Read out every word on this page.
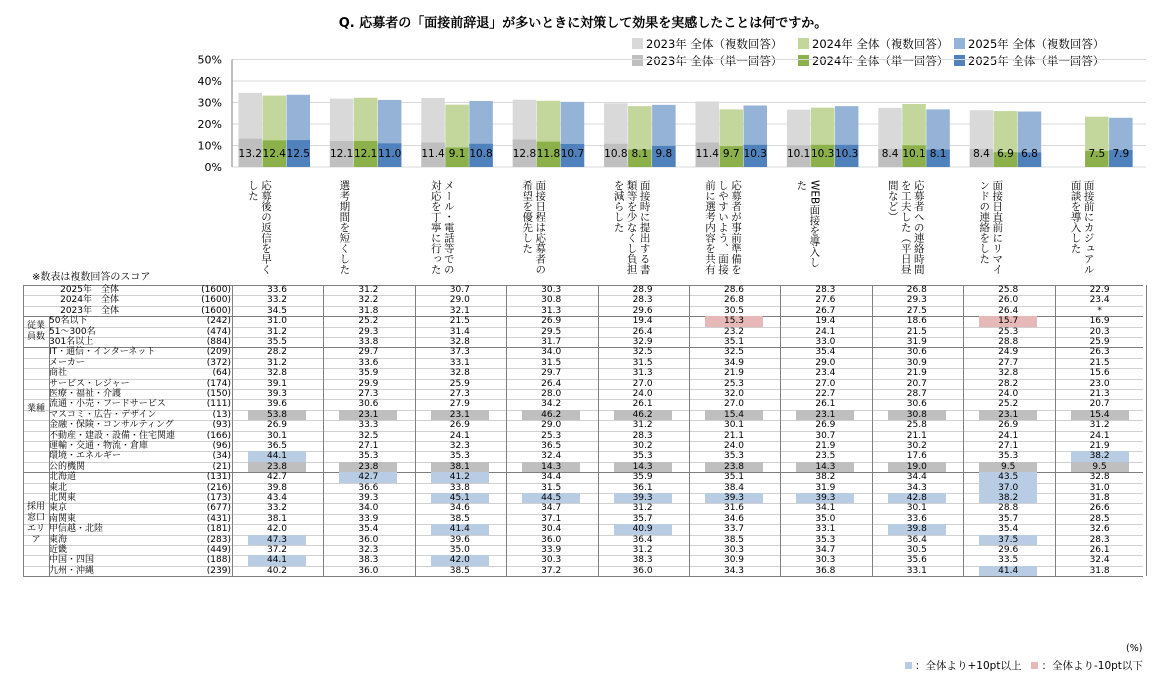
Q. 応募者の「面接前辞退」が多いときに対策して効果を実感したことは何ですか。
2023年 全体（複数回答）	2024年 全体（複数回答）	2025年 全体（複数回答）
2023年 全体（単一回答）	2024年 全体（単一回答）	2025年 全体（単一回答）
0%
10%
20%
30%
40%
50%
13.2 12.4 12.5 12.1 12.1 11.0 11.4 9.1 10.8 12.8 11.8 10.7 10.8 8.1 9.8 11.4 9.7 10.3 10.1 10.3 10.3 8.4 10.1 8.1	8.4 6.9 6.8	7.5 7.9
※数表は複数回答のスコア
応募後の返信を早く
した	選考期間を短くした	メール・電話等での
対応を丁寧に行った	面接日程は応募者の
希望を優先した	面接時に提出する書
類等を少なくし負担
を減らした	応募者が事前準備を
しやすいよう、面接
前に選考内容を共有	WEB面接を導入し
た	応募者への連絡時間
を工夫した（平日昼
間など）	面接日直前にリマイ
ンドの連絡をした	面接前にカジュアル
面談を導入した
2025年　全体	(1600)	33.6	31.2	30.7	30.3	28.9	28.6	28.3	26.8	25.8	22.9
2024年　全体	(1600)	33.2	32.2	29.0	30.8	28.3	26.8	27.6	29.3	26.0	23.4
2023年　全体	(1600)	34.5	31.8	32.1	31.3	29.6	30.5	26.7	27.5	26.4	*
50名以下	(242)	31.0	25.2	21.5	26.9	19.4	15.3	19.4	18.6	15.7	16.9
51～300名	(474)	31.2	29.3	31.4	29.5	26.4	23.2	24.1	21.5	25.3	20.3
301名以上	(884)	35.5	33.8	32.8	31.7	32.9	35.1	33.0	31.9	28.8	25.9
従業員数
IT・通信・インターネット	(209)	28.2	29.7	37.3	34.0	32.5	32.5	35.4	30.6	24.9	26.3
メーカー	(372)	31.2	33.6	33.1	31.5	31.5	34.9	29.0	30.9	27.7	21.5
商社	(64)	32.8	35.9	32.8	29.7	31.3	21.9	23.4	21.9	32.8	15.6
サービス・レジャー	(174)	39.1	29.9	25.9	26.4	27.0	25.3	27.0	20.7	28.2	23.0
医療・福祉・介護	(150)	39.3	27.3	27.3	28.0	24.0	32.0	22.7	28.7	24.0	21.3
流通・小売・フードサービス	(111)	39.6	30.6	27.9	34.2	26.1	27.0	26.1	30.6	25.2	20.7
マスコミ・広告・デザイン	(13)	53.8	23.1	23.1	46.2	46.2	15.4	23.1	30.8	23.1	15.4
金融・保険・コンサルティング	(93)	26.9	33.3	26.9	29.0	31.2	30.1	26.9	25.8	26.9	31.2
不動産・建設・設備・住宅関連	(166)	30.1	32.5	24.1	25.3	28.3	21.1	30.7	21.1	24.1	24.1
運輸・交通・物流・倉庫	(96)	36.5	27.1	32.3	36.5	30.2	24.0	21.9	30.2	27.1	21.9
環境・エネルギー	(34)	44.1	35.3	35.3	32.4	35.3	35.3	23.5	17.6	35.3	38.2
公的機関	(21)	23.8	23.8	38.1	14.3	14.3	23.8	14.3	19.0	9.5	9.5
業種
北海道	(131)	42.7	42.7	41.2	34.4	35.9	35.1	38.2	34.4	43.5	32.8
東北	(216)	39.8	36.6	33.8	31.5	36.1	38.4	31.9	34.3	37.0	31.0
北関東	(173)	43.4	39.3	45.1	44.5	39.3	39.3	39.3	42.8	38.2	31.8
東京	(677)	33.2	34.0	34.6	34.7	31.2	31.6	34.1	30.1	28.8	26.6
南関東	(431)	38.1	33.9	38.5	37.1	35.7	34.6	35.0	33.6	35.7	28.5
甲信越・北陸	(181)	42.0	35.4	41.4	30.4	40.9	33.7	33.1	39.8	35.4	32.6
東海	(283)	47.3	36.0	39.6	36.0	36.4	38.5	35.3	36.4	37.5	28.3
近畿	(449)	37.2	32.3	35.0	33.9	31.2	30.3	34.7	30.5	29.6	26.1
中国・四国	(188)	44.1	38.3	42.0	30.3	38.3	30.9	30.3	35.6	33.5	32.4
九州・沖縄	(239)	40.2	36.0	38.5	37.2	36.0	34.3	36.8	33.1	41.4	31.8
採用窓口エリア
(%)
：全体より+10pt以上 ：全体より-10pt以下
